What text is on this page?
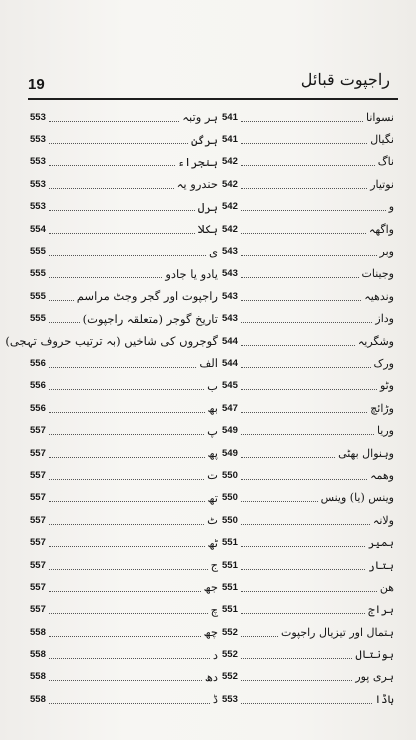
19	راجپوت قبائل
نسوانا
541
نگیال
541
ناگ
542
نوتیار
542
و
542
واگھہ
542
وبر
543
وجینات
543
وندھیہ
543
وداز
543
وشگریہ
544
ورک
544
وٹو
545
وڑائچ
547
وریا
549
وہنوال بھٹی
549
وھمہ
550
وینس (یا) وینس
550
ولانہ
550
ہمیر
551
ہتار
551
ھن
551
ہراج
551
ہتمال اور تیزیال راجپوت
552
ہونتال
552
ہری پور
552
ہاڈا
553
ہر وتبہ
553
ہرگن
553
ہنجراء
553
حندرو یہ
553
ہرل
553
ہکلا
554
ی
555
یادو یا جادو
555
راجپوت اور گجر وجٹ مراسم
555
تاریخ گوجر (متعلقہ راجپوت)
555
گوجروں کی شاخیں (بہ ترتیب حروف تہجی)
الف
556
ب
556
بھ
556
پ
557
پھ
557
ت
557
تھ
557
ٹ
557
ٹھ
557
ج
557
جھ
557
چ
557
چھ
558
د
558
دھ
558
ڈ
558
